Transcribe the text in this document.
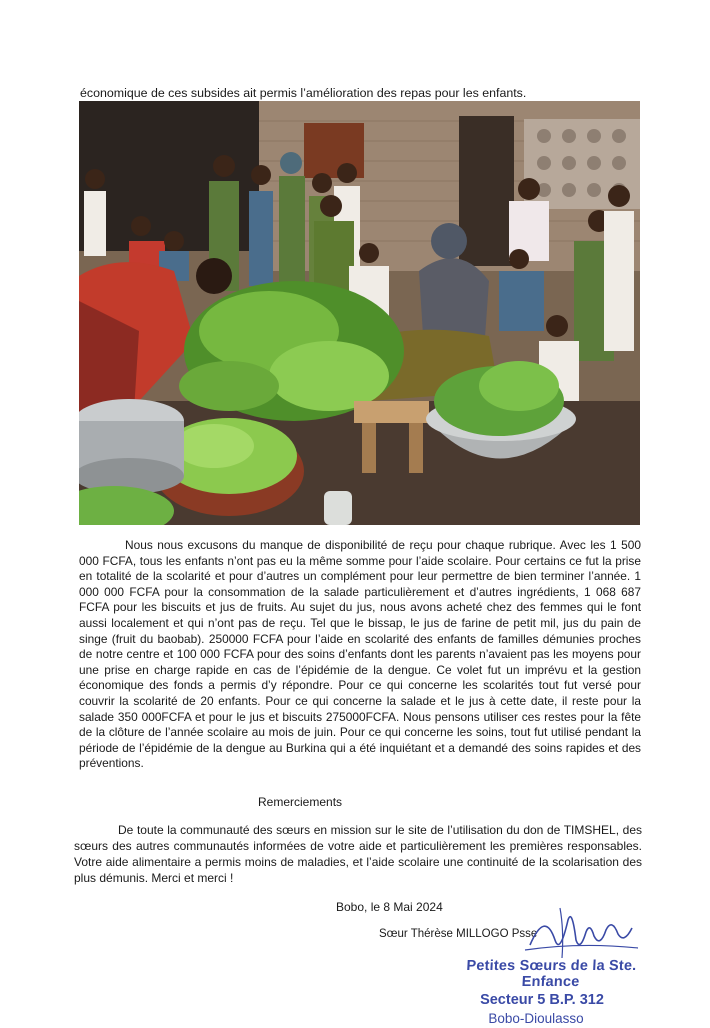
économique de ces subsides ait permis l’amélioration des repas pour les enfants.
Nous nous excusons du manque de disponibilité de reçu pour chaque rubrique. Avec les 1 500 000 FCFA, tous les enfants n’ont pas eu la même somme pour l’aide scolaire. Pour certains ce fut la prise en totalité de la scolarité et pour d’autres un complément pour leur permettre de bien terminer l’année. 1 000 000 FCFA pour la consommation de la salade particulièrement et d’autres ingrédients, 1 068 687 FCFA pour les biscuits et jus de fruits. Au sujet du jus, nous avons acheté chez des femmes qui le font aussi localement et qui n’ont pas de reçu. Tel que le bissap, le jus de farine de petit mil, jus du pain de singe (fruit du baobab). 250000 FCFA pour l’aide en scolarité des enfants de familles démunies proches de notre centre et 100 000 FCFA pour des soins d’enfants dont les parents n’avaient pas les moyens pour une prise en charge rapide en cas de l’épidémie de la dengue. Ce volet fut un imprévu et la gestion économique des fonds a permis d’y répondre. Pour ce qui concerne les scolarités tout fut versé pour couvrir la scolarité de 20 enfants. Pour ce qui concerne la salade et le jus à cette date, il reste pour la salade 350 000FCFA et pour le jus et biscuits 275000FCFA. Nous pensons utiliser ces restes pour la fête de la clôture de l’année scolaire au mois de juin. Pour ce qui concerne les soins, tout fut utilisé pendant la période de l’épidémie de la dengue au Burkina qui a été inquiétant et a demandé des soins rapides et des préventions.
Remerciements
De toute la communauté des sœurs en mission sur le site de l’utilisation du don de TIMSHEL, des sœurs des autres communautés informées de votre aide et particulièrement les premières responsables. Votre aide alimentaire a permis moins de maladies, et l’aide scolaire une continuité de la scolarisation des plus démunis. Merci et merci !
Bobo, le 8 Mai 2024
Sœur Thérèse MILLOGO Psse
Petites Sœurs de la Ste. Enfance
Secteur 5 B.P. 312
Bobo-Dioulasso
